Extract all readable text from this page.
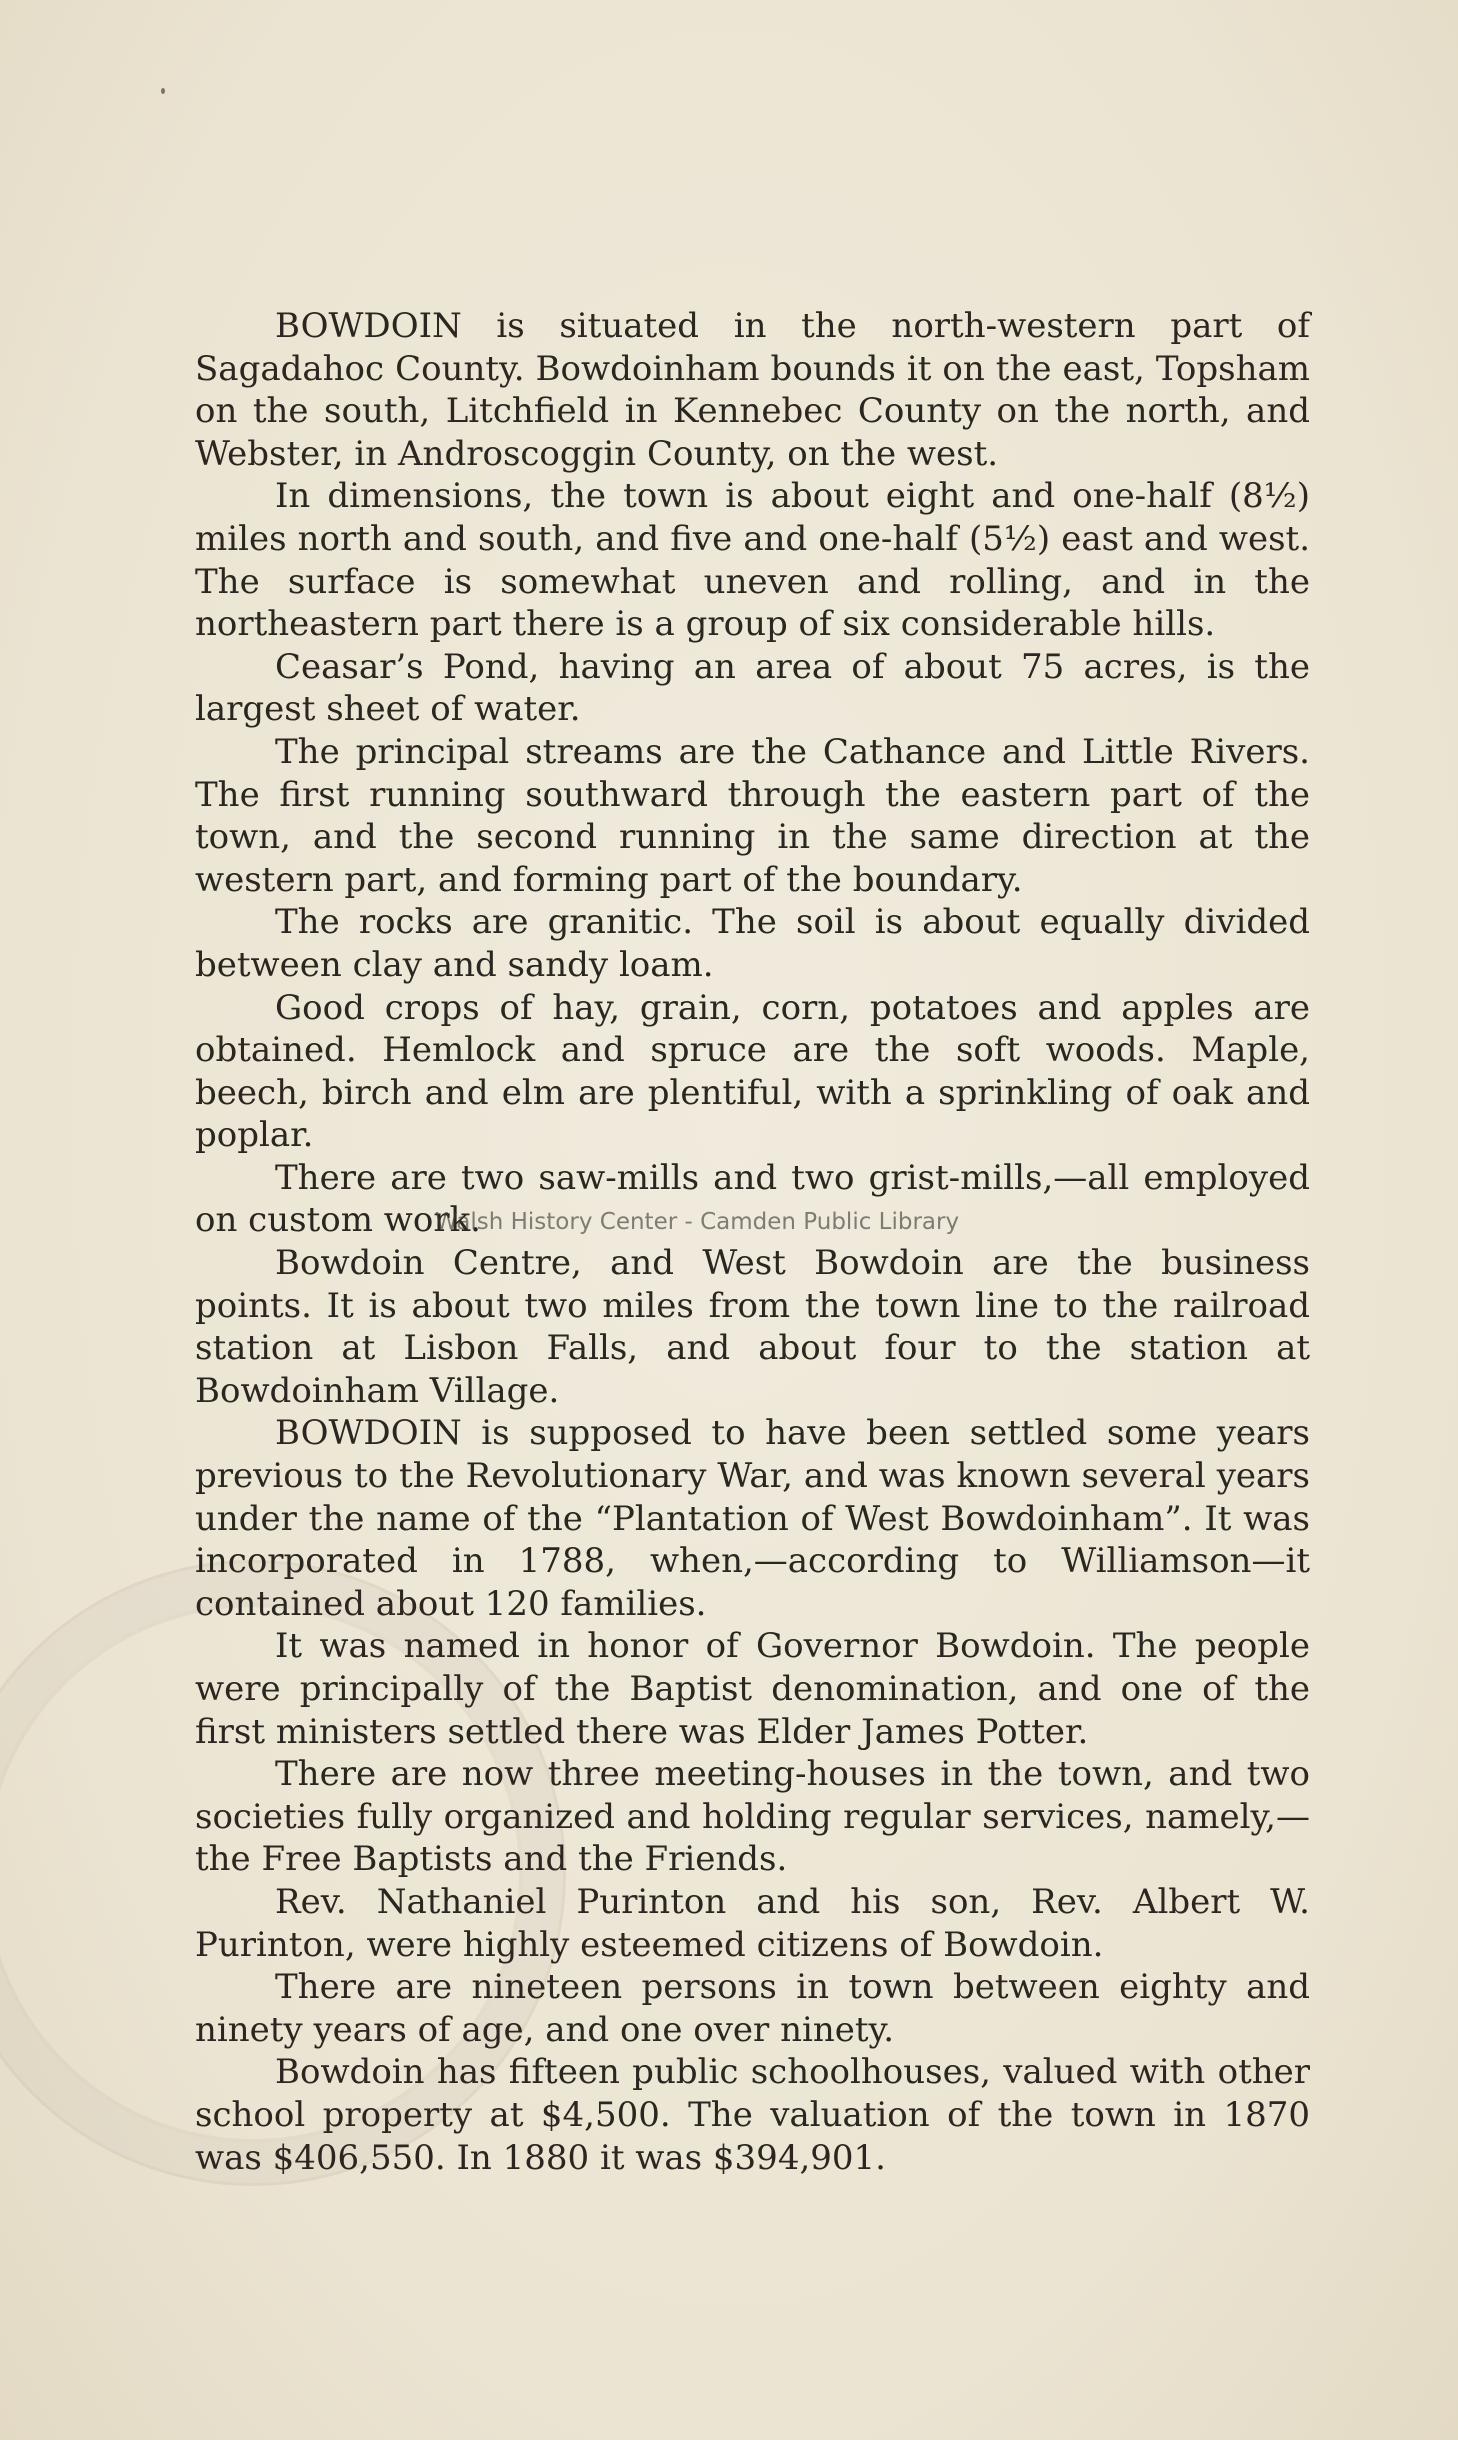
BOWDOIN is situated in the north-western part of Sagadahoc County. Bowdoinham bounds it on the east, Topsham on the south, Litchfield in Kennebec County on the north, and Webster, in Androscoggin County, on the west.

In dimensions, the town is about eight and one-half (8½) miles north and south, and five and one-half (5½) east and west. The surface is somewhat uneven and rolling, and in the northeastern part there is a group of six considerable hills.

Ceasar’s Pond, having an area of about 75 acres, is the largest sheet of water.

The principal streams are the Cathance and Little Rivers. The first running southward through the eastern part of the town, and the second running in the same direction at the western part, and forming part of the boundary.

The rocks are granitic. The soil is about equally divided between clay and sandy loam.

Good crops of hay, grain, corn, potatoes and apples are obtained. Hemlock and spruce are the soft woods. Maple, beech, birch and elm are plentiful, with a sprinkling of oak and poplar.

There are two saw-mills and two grist-mills,—all employed on custom work.

Bowdoin Centre, and West Bowdoin are the business points. It is about two miles from the town line to the railroad station at Lisbon Falls, and about four to the station at Bowdoinham Village.

BOWDOIN is supposed to have been settled some years previous to the Revolutionary War, and was known several years under the name of the “Plantation of West Bowdoinham”. It was incorporated in 1788, when,—according to Williamson—it contained about 120 families.

It was named in honor of Governor Bowdoin. The people were principally of the Baptist denomination, and one of the first ministers settled there was Elder James Potter.

There are now three meeting-houses in the town, and two societies fully organized and holding regular services, namely,—the Free Baptists and the Friends.

Rev. Nathaniel Purinton and his son, Rev. Albert W. Purinton, were highly esteemed citizens of Bowdoin.

There are nineteen persons in town between eighty and ninety years of age, and one over ninety.

Bowdoin has fifteen public schoolhouses, valued with other school property at $4,500. The valuation of the town in 1870 was $406,550. In 1880 it was $394,901.

Walsh History Center - Camden Public Library
